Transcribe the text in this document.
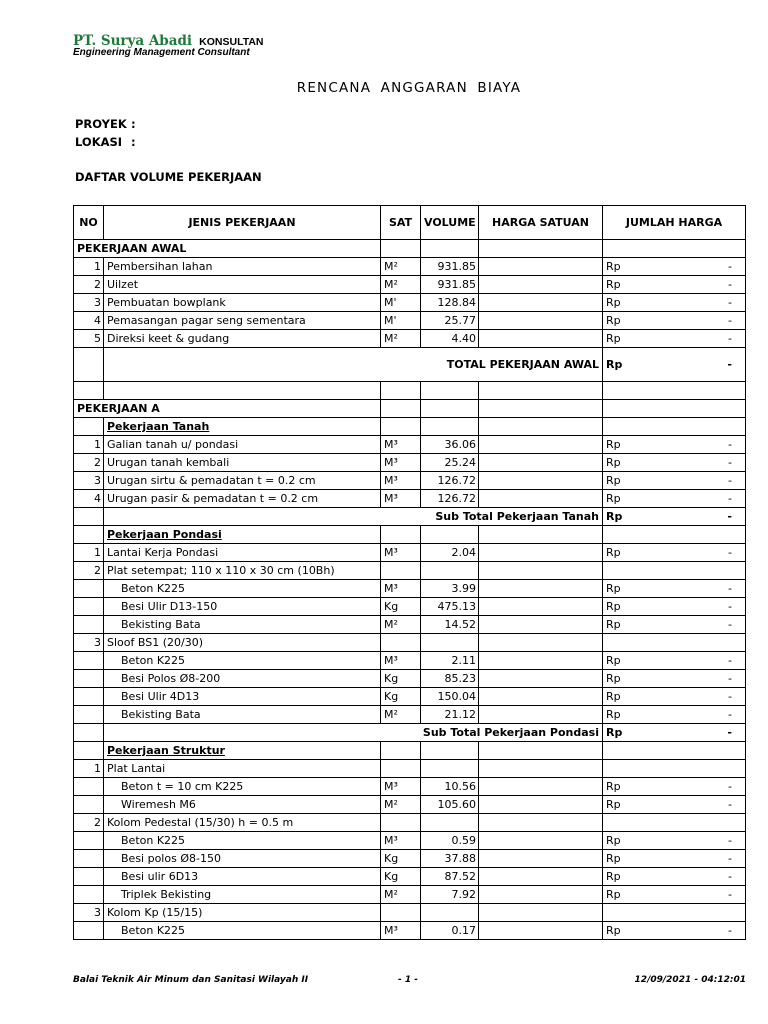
PT. Surya Abadi KONSULTAN
Engineering Management Consultant
RENCANA ANGGARAN BIAYA
PROYEK :
LOKASI :
DAFTAR VOLUME PEKERJAAN
NO	JENIS PEKERJAAN	SAT	VOLUME	HARGA SATUAN	JUMLAH HARGA
PEKERJAAN AWAL					
1	Pembersihan lahan	M²	931.85		Rp -

2	Uilzet	M²	931.85		Rp -

3	Pembuatan bowplank	M'	128.84		Rp -

4	Pemasangan pagar seng sementara	M'	25.77		Rp -

5	Direksi keet & gudang	M²	4.40		Rp -

	TOTAL PEKERJAAN AWAL				Rp -

PEKERJAAN A					
	Pekerjaan Tanah				
1	Galian tanah u/ pondasi	M³	36.06		Rp -

2	Urugan tanah kembali	M³	25.24		Rp -

3	Urugan sirtu & pemadatan t = 0.2 cm	M³	126.72		Rp -

4	Urugan pasir & pemadatan t = 0.2 cm	M³	126.72		Rp -

	Sub Total Pekerjaan Tanah				Rp -

	Pekerjaan Pondasi				
1	Lantai Kerja Pondasi	M³	2.04		Rp -

2	Plat setempat; 110 x 110 x 30 cm (10Bh)				
	Beton K225	M³	3.99		Rp -

	Besi Ulir D13-150	Kg	475.13		Rp -

	Bekisting Bata	M²	14.52		Rp -

3	Sloof BS1 (20/30)				
	Beton K225	M³	2.11		Rp -

	Besi Polos Ø8-200	Kg	85.23		Rp -

	Besi Ulir 4D13	Kg	150.04		Rp -

	Bekisting Bata	M²	21.12		Rp -

	Sub Total Pekerjaan Pondasi				Rp -

	Pekerjaan Struktur				
1	Plat Lantai				
	Beton t = 10 cm K225	M³	10.56		Rp -

	Wiremesh M6	M²	105.60		Rp -

2	Kolom Pedestal (15/30) h = 0.5 m				
	Beton K225	M³	0.59		Rp -

	Besi polos Ø8-150	Kg	37.88		Rp -

	Besi ulir 6D13	Kg	87.52		Rp -

	Triplek Bekisting	M²	7.92		Rp -

3	Kolom Kp (15/15)				
	Beton K225	M³	0.17		Rp -
Balai Teknik Air Minum dan Sanitasi Wilayah II	- 1 -	12/09/2021 - 04:12:01
